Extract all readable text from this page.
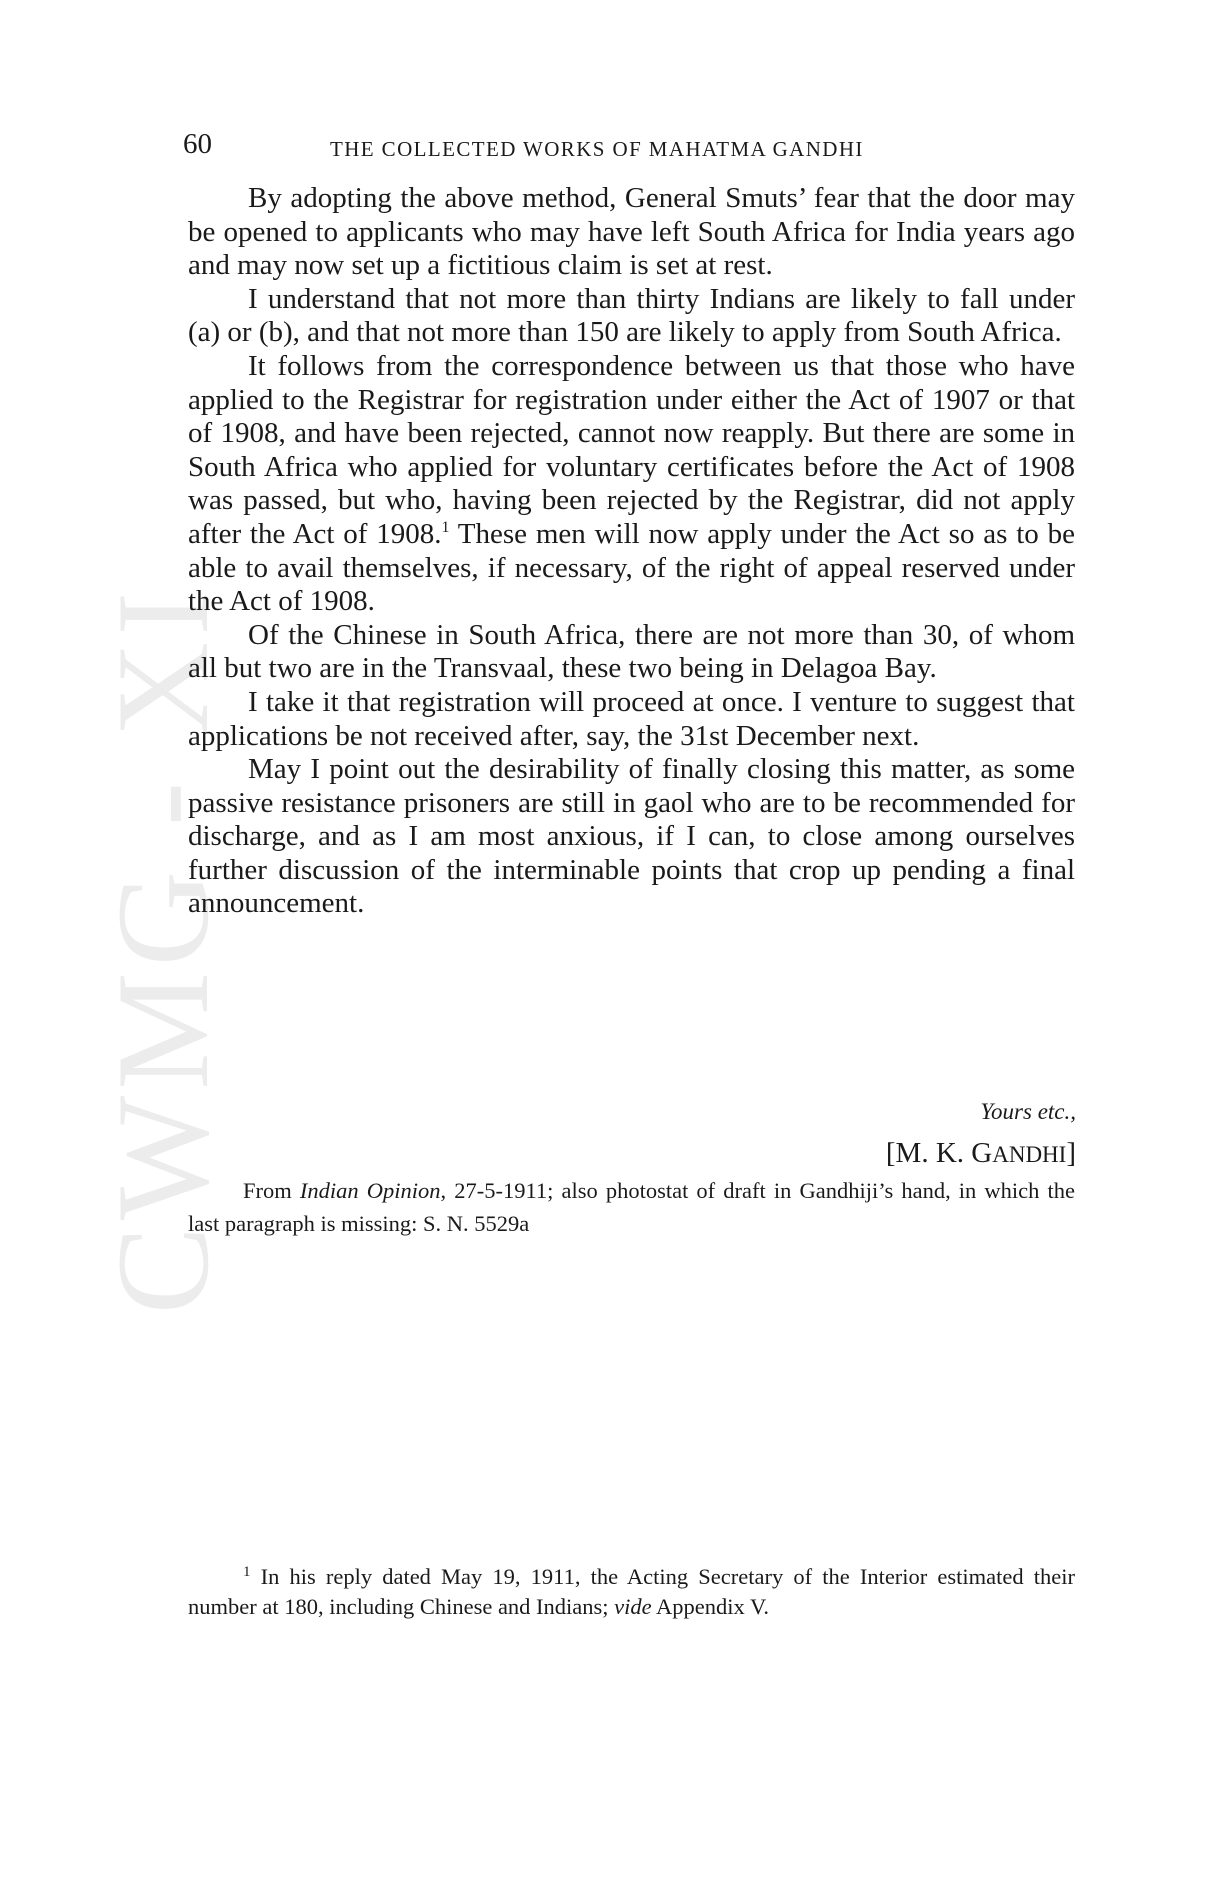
CWMG - XI
60	THE COLLECTED WORKS OF MAHATMA GANDHI

By adopting the above method, General Smuts’ fear that the door may be opened to applicants who may have left South Africa for India years ago and may now set up a fictitious claim is set at rest.

I understand that not more than thirty Indians are likely to fall under (a) or (b), and that not more than 150 are likely to apply from South Africa.

It follows from the correspondence between us that those who have applied to the Registrar for registration under either the Act of 1907 or that of 1908, and have been rejected, cannot now reapply. But there are some in South Africa who applied for voluntary certificates before the Act of 1908 was passed, but who, having been rejected by the Registrar, did not apply after the Act of 1908.$^1$ These men will now apply under the Act so as to be able to avail themselves, if necessary, of the right of appeal reserved under the Act of 1908.

Of the Chinese in South Africa, there are not more than 30, of whom all but two are in the Transvaal, these two being in Delagoa Bay.

I take it that registration will proceed at once. I venture to suggest that applications be not received after, say, the 31st December next.

May I point out the desirability of finally closing this matter, as some passive resistance prisoners are still in gaol who are to be recommended for discharge, and as I am most anxious, if I can, to close among ourselves further discussion of the interminable points that crop up pending a final announcement.

Yours etc.,
[M. K. GANDHI]
From Indian Opinion, 27-5-1911; also photostat of draft in Gandhiji’s hand, in which the last paragraph is missing: S. N. 5529a
$^1$ In his reply dated May 19, 1911, the Acting Secretary of the Interior estimated their number at 180, including Chinese and Indians; vide Appendix V.
